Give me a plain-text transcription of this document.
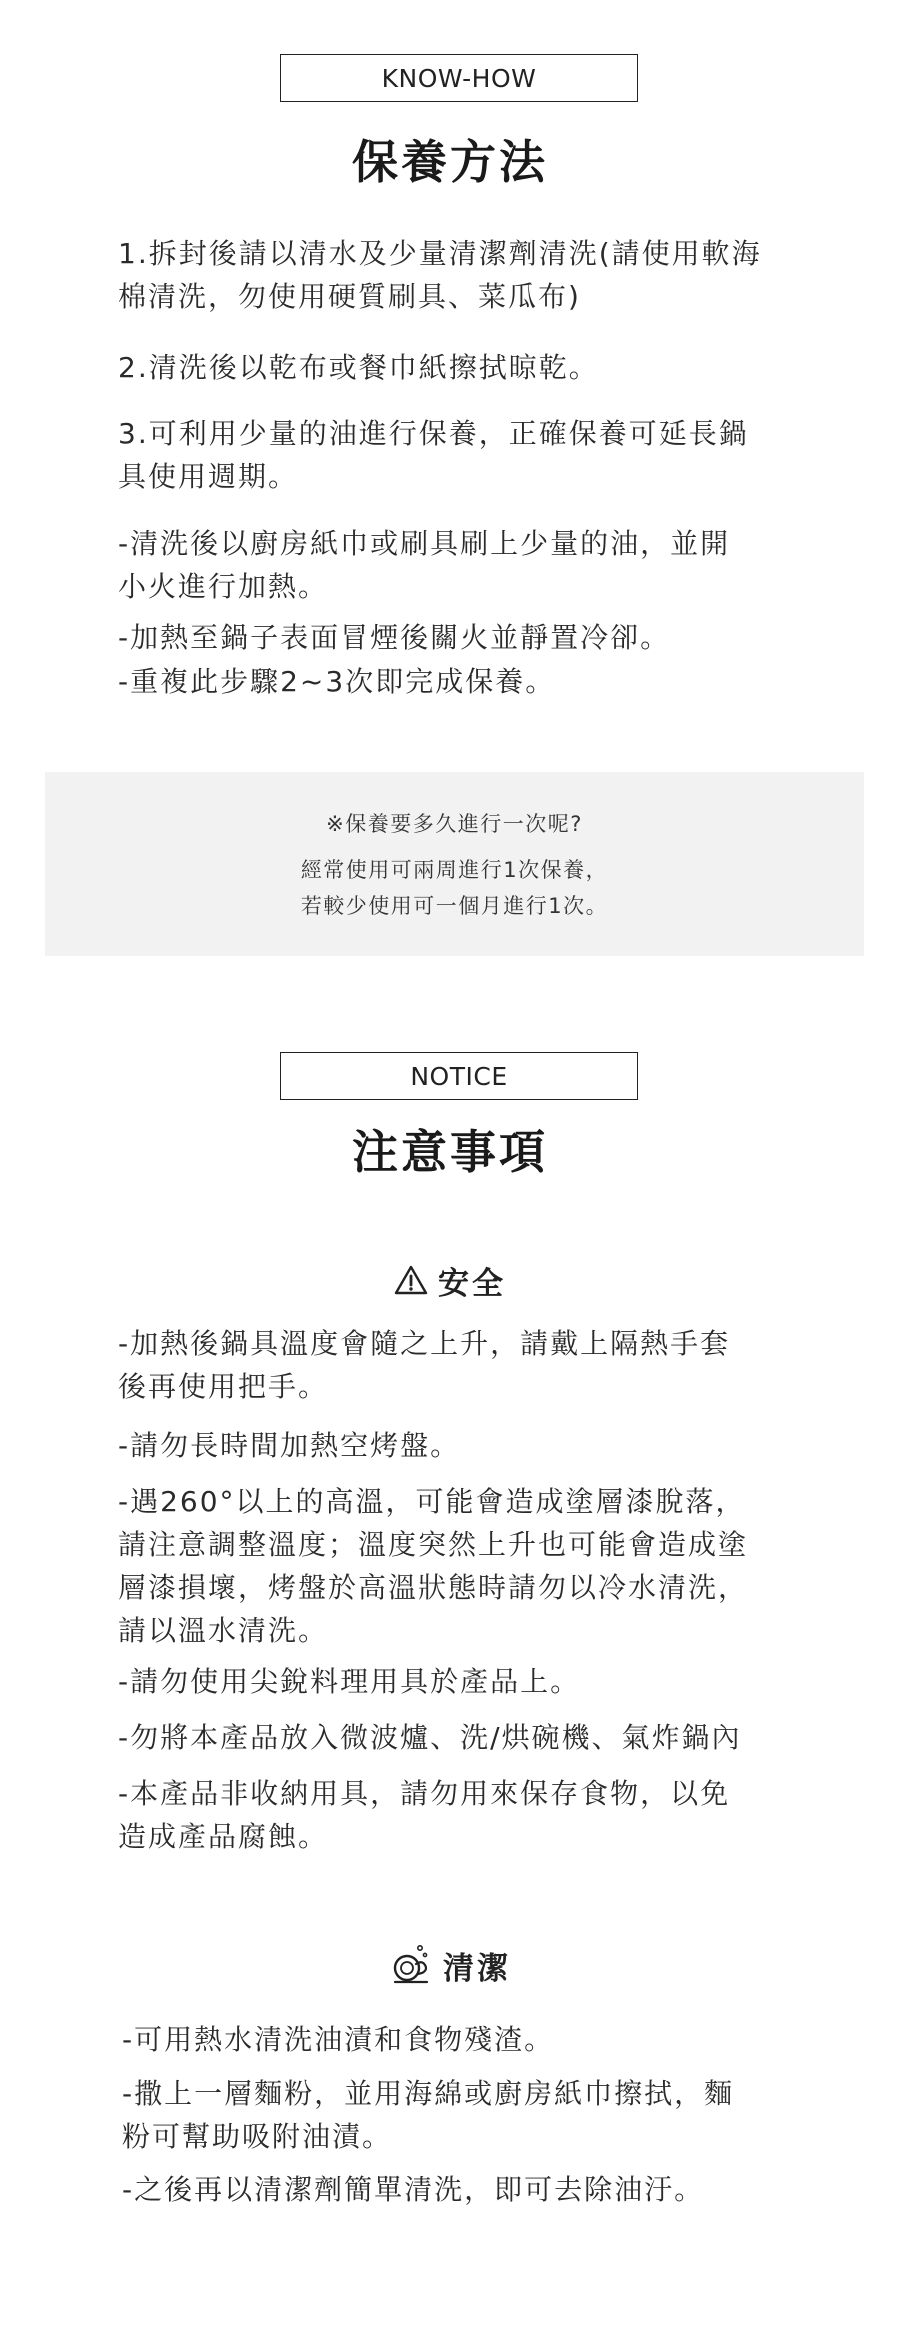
KNOW-HOW
保養方法
1.拆封後請以清水及少量清潔劑清洗(請使用軟海
棉清洗，勿使用硬質刷具、菜瓜布)
2.清洗後以乾布或餐巾紙擦拭晾乾。
3.可利用少量的油進行保養，正確保養可延長鍋
具使用週期。
-清洗後以廚房紙巾或刷具刷上少量的油，並開
小火進行加熱。
-加熱至鍋子表面冒煙後關火並靜置冷卻。
-重複此步驟2~3次即完成保養。
※保養要多久進行一次呢?
經常使用可兩周進行1次保養，
若較少使用可一個月進行1次。
NOTICE
注意事項
安全
-加熱後鍋具溫度會隨之上升，請戴上隔熱手套
後再使用把手。
-請勿長時間加熱空烤盤。
-遇260°以上的高溫，可能會造成塗層漆脫落，
請注意調整溫度；溫度突然上升也可能會造成塗
層漆損壞，烤盤於高溫狀態時請勿以冷水清洗，
請以溫水清洗。
-請勿使用尖銳料理用具於產品上。
-勿將本產品放入微波爐、洗/烘碗機、氣炸鍋內
-本產品非收納用具，請勿用來保存食物，以免
造成產品腐蝕。
清潔
-可用熱水清洗油漬和食物殘渣。
-撒上一層麵粉，並用海綿或廚房紙巾擦拭，麵
粉可幫助吸附油漬。
-之後再以清潔劑簡單清洗，即可去除油汙。
